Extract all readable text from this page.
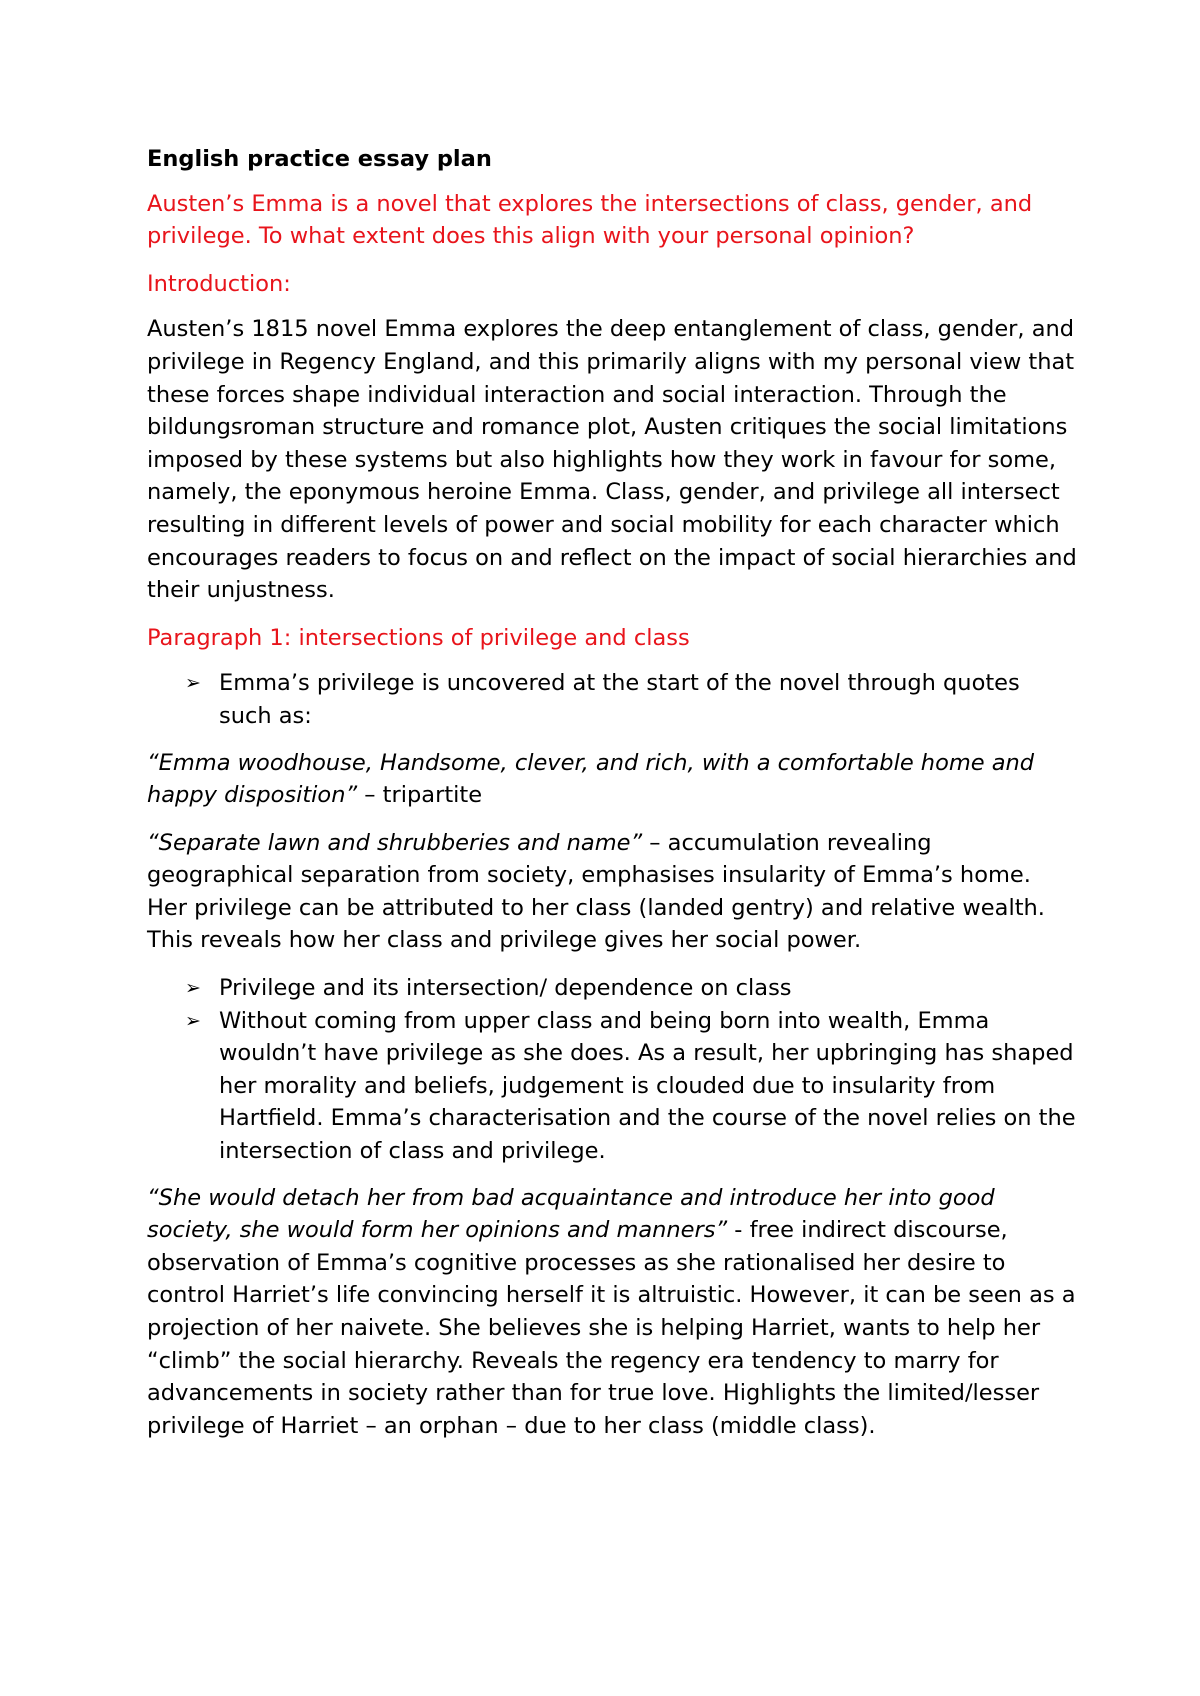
English practice essay plan

Austen’s Emma is a novel that explores the intersections of class, gender, and privilege. To what extent does this align with your personal opinion?

Introduction:

Austen’s 1815 novel Emma explores the deep entanglement of class, gender, and privilege in Regency England, and this primarily aligns with my personal view that these forces shape individual interaction and social interaction. Through the bildungsroman structure and romance plot, Austen critiques the social limitations imposed by these systems but also highlights how they work in favour for some, namely, the eponymous heroine Emma. Class, gender, and privilege all intersect resulting in different levels of power and social mobility for each character which encourages readers to focus on and reflect on the impact of social hierarchies and their unjustness.

Paragraph 1: intersections of privilege and class

➢ Emma’s privilege is uncovered at the start of the novel through quotes such as:

“Emma woodhouse, Handsome, clever, and rich, with a comfortable home and happy disposition” – tripartite

“Separate lawn and shrubberies and name” – accumulation revealing geographical separation from society, emphasises insularity of Emma’s home. Her privilege can be attributed to her class (landed gentry) and relative wealth. This reveals how her class and privilege gives her social power.

➢ Privilege and its intersection/ dependence on class
➢ Without coming from upper class and being born into wealth, Emma wouldn’t have privilege as she does. As a result, her upbringing has shaped her morality and beliefs, judgement is clouded due to insularity from Hartfield. Emma’s characterisation and the course of the novel relies on the intersection of class and privilege.

“She would detach her from bad acquaintance and introduce her into good society, she would form her opinions and manners” - free indirect discourse, observation of Emma’s cognitive processes as she rationalised her desire to control Harriet’s life convincing herself it is altruistic. However, it can be seen as a projection of her naivete. She believes she is helping Harriet, wants to help her “climb” the social hierarchy. Reveals the regency era tendency to marry for advancements in society rather than for true love. Highlights the limited/lesser privilege of Harriet – an orphan – due to her class (middle class).
